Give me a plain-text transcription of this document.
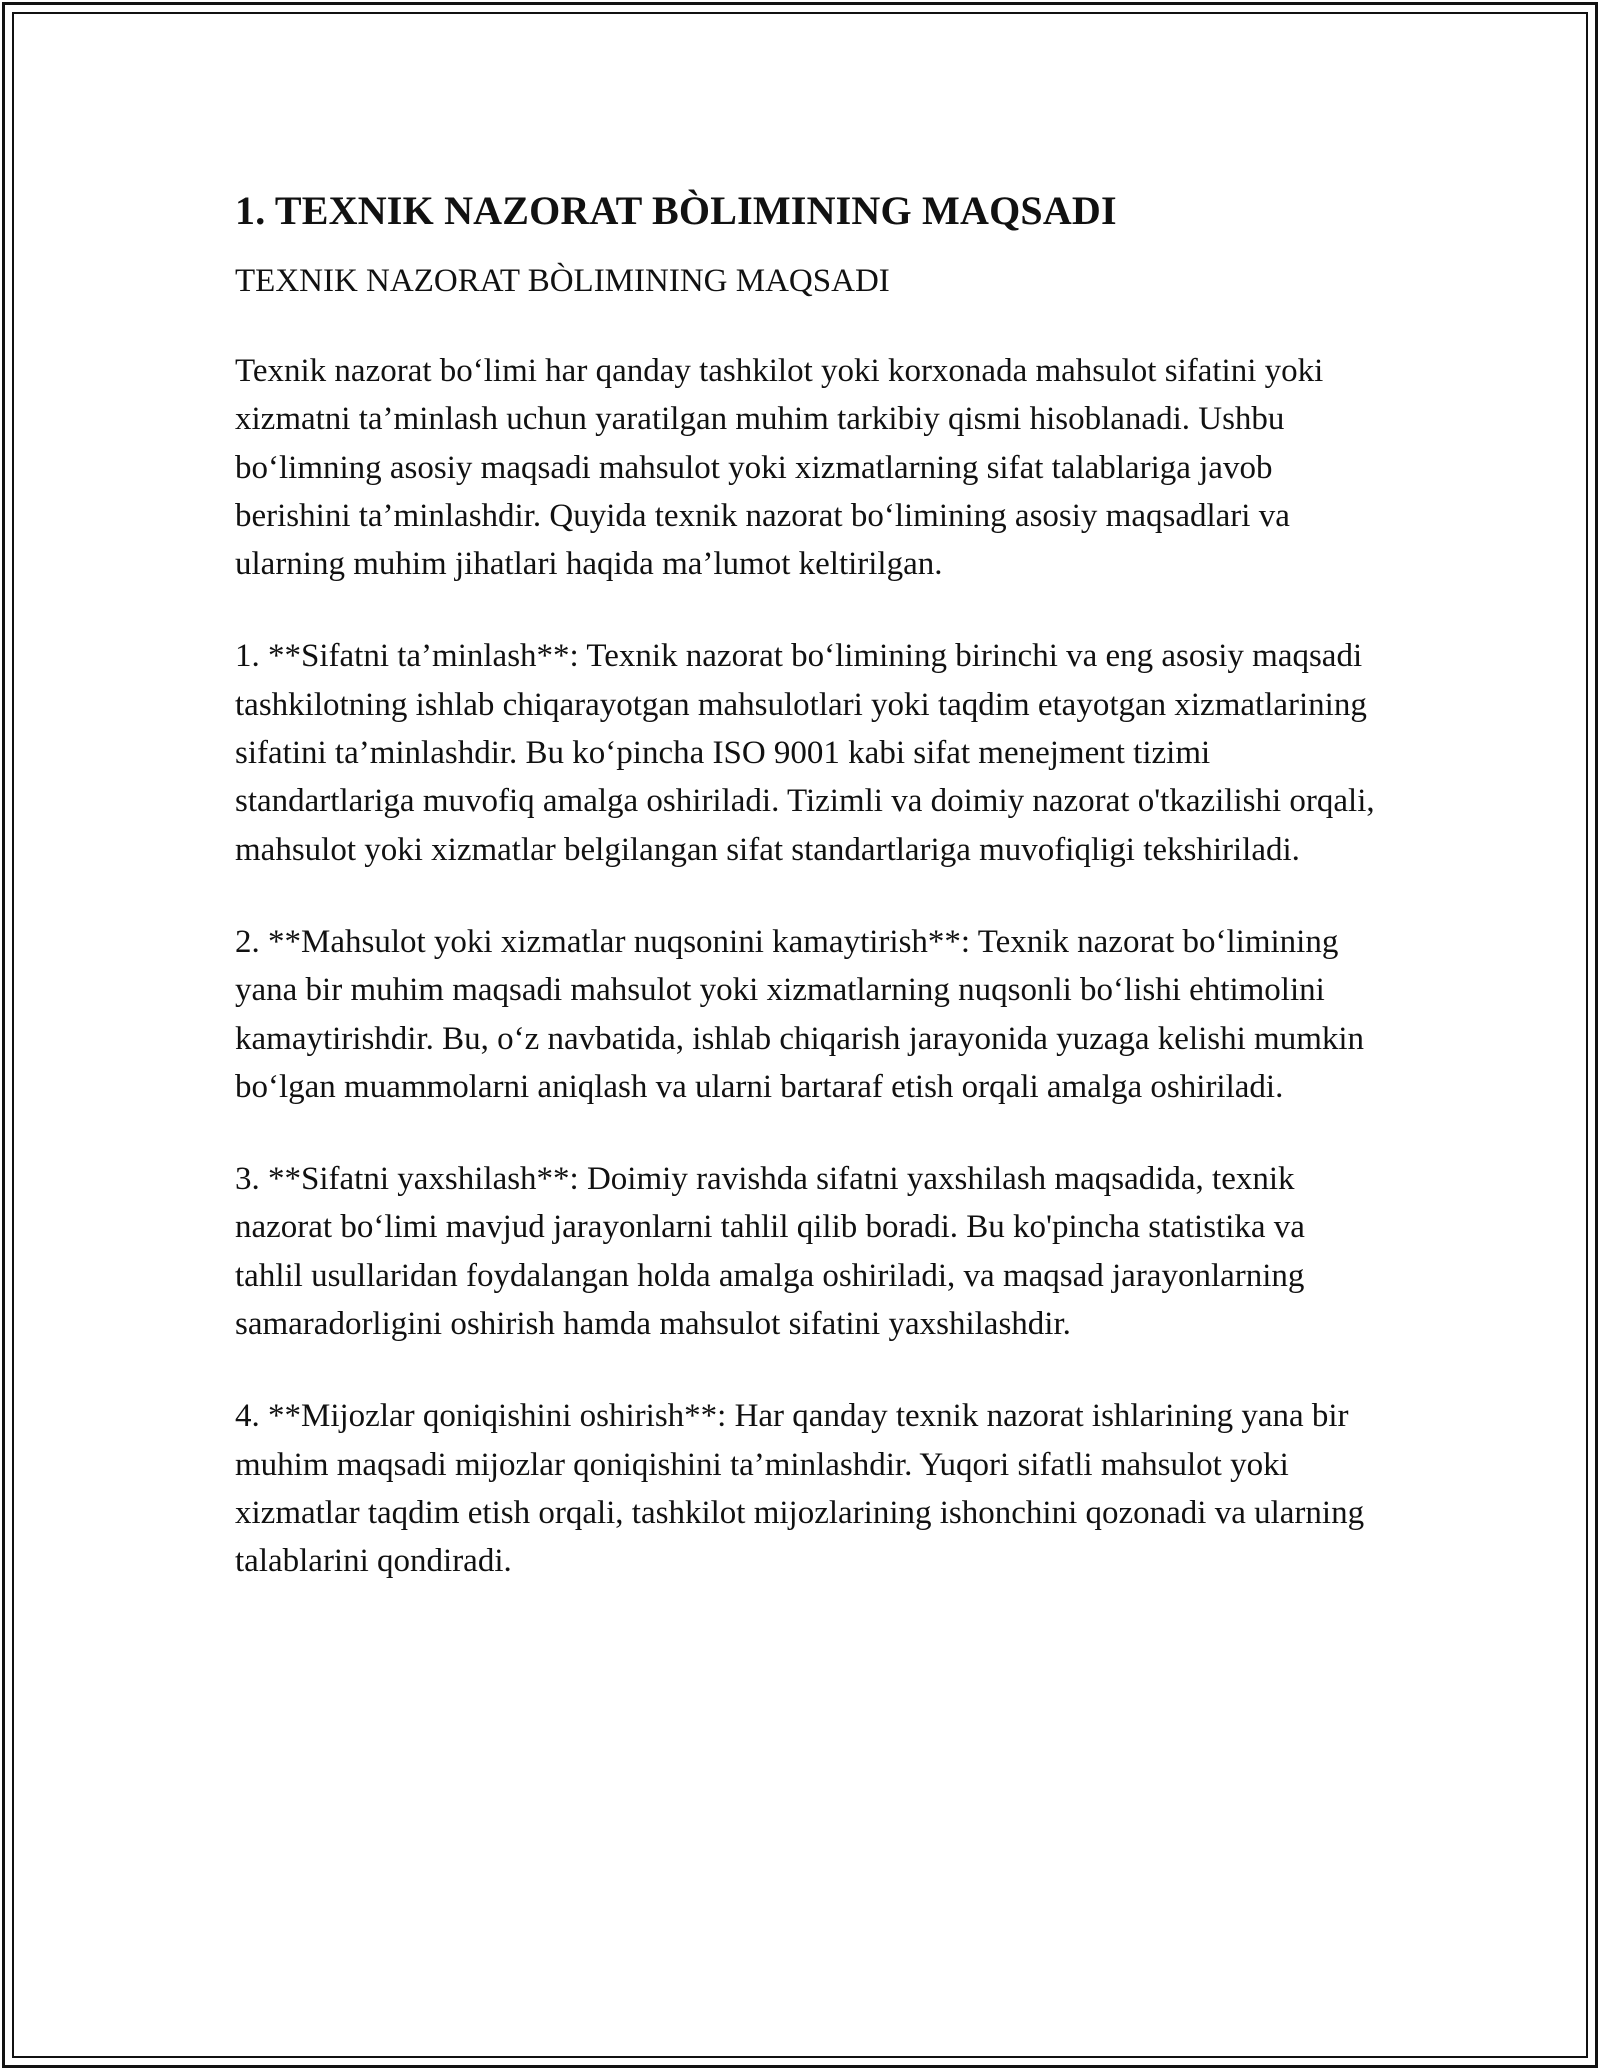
1. TEXNIK NAZORAT BÒLIMINING MAQSADI

TEXNIK NAZORAT BÒLIMINING MAQSADI

Texnik nazorat bo‘limi har qanday tashkilot yoki korxonada mahsulot sifatini yoki xizmatni ta’minlash uchun yaratilgan muhim tarkibiy qismi hisoblanadi. Ushbu bo‘limning asosiy maqsadi mahsulot yoki xizmatlarning sifat talablariga javob berishini ta’minlashdir. Quyida texnik nazorat bo‘limining asosiy maqsadlari va ularning muhim jihatlari haqida ma’lumot keltirilgan.

1. **Sifatni ta’minlash**: Texnik nazorat bo‘limining birinchi va eng asosiy maqsadi tashkilotning ishlab chiqarayotgan mahsulotlari yoki taqdim etayotgan xizmatlarining sifatini ta’minlashdir. Bu ko‘pincha ISO 9001 kabi sifat menejment tizimi standartlariga muvofiq amalga oshiriladi. Tizimli va doimiy nazorat o'tkazilishi orqali, mahsulot yoki xizmatlar belgilangan sifat standartlariga muvofiqligi tekshiriladi.

2. **Mahsulot yoki xizmatlar nuqsonini kamaytirish**: Texnik nazorat bo‘limining yana bir muhim maqsadi mahsulot yoki xizmatlarning nuqsonli bo‘lishi ehtimolini kamaytirishdir. Bu, o‘z navbatida, ishlab chiqarish jarayonida yuzaga kelishi mumkin bo‘lgan muammolarni aniqlash va ularni bartaraf etish orqali amalga oshiriladi.

3. **Sifatni yaxshilash**: Doimiy ravishda sifatni yaxshilash maqsadida, texnik nazorat bo‘limi mavjud jarayonlarni tahlil qilib boradi. Bu ko'pincha statistika va tahlil usullaridan foydalangan holda amalga oshiriladi, va maqsad jarayonlarning samaradorligini oshirish hamda mahsulot sifatini yaxshilashdir.

4. **Mijozlar qoniqishini oshirish**: Har qanday texnik nazorat ishlarining yana bir muhim maqsadi mijozlar qoniqishini ta’minlashdir. Yuqori sifatli mahsulot yoki xizmatlar taqdim etish orqali, tashkilot mijozlarining ishonchini qozonadi va ularning talablarini qondiradi.
